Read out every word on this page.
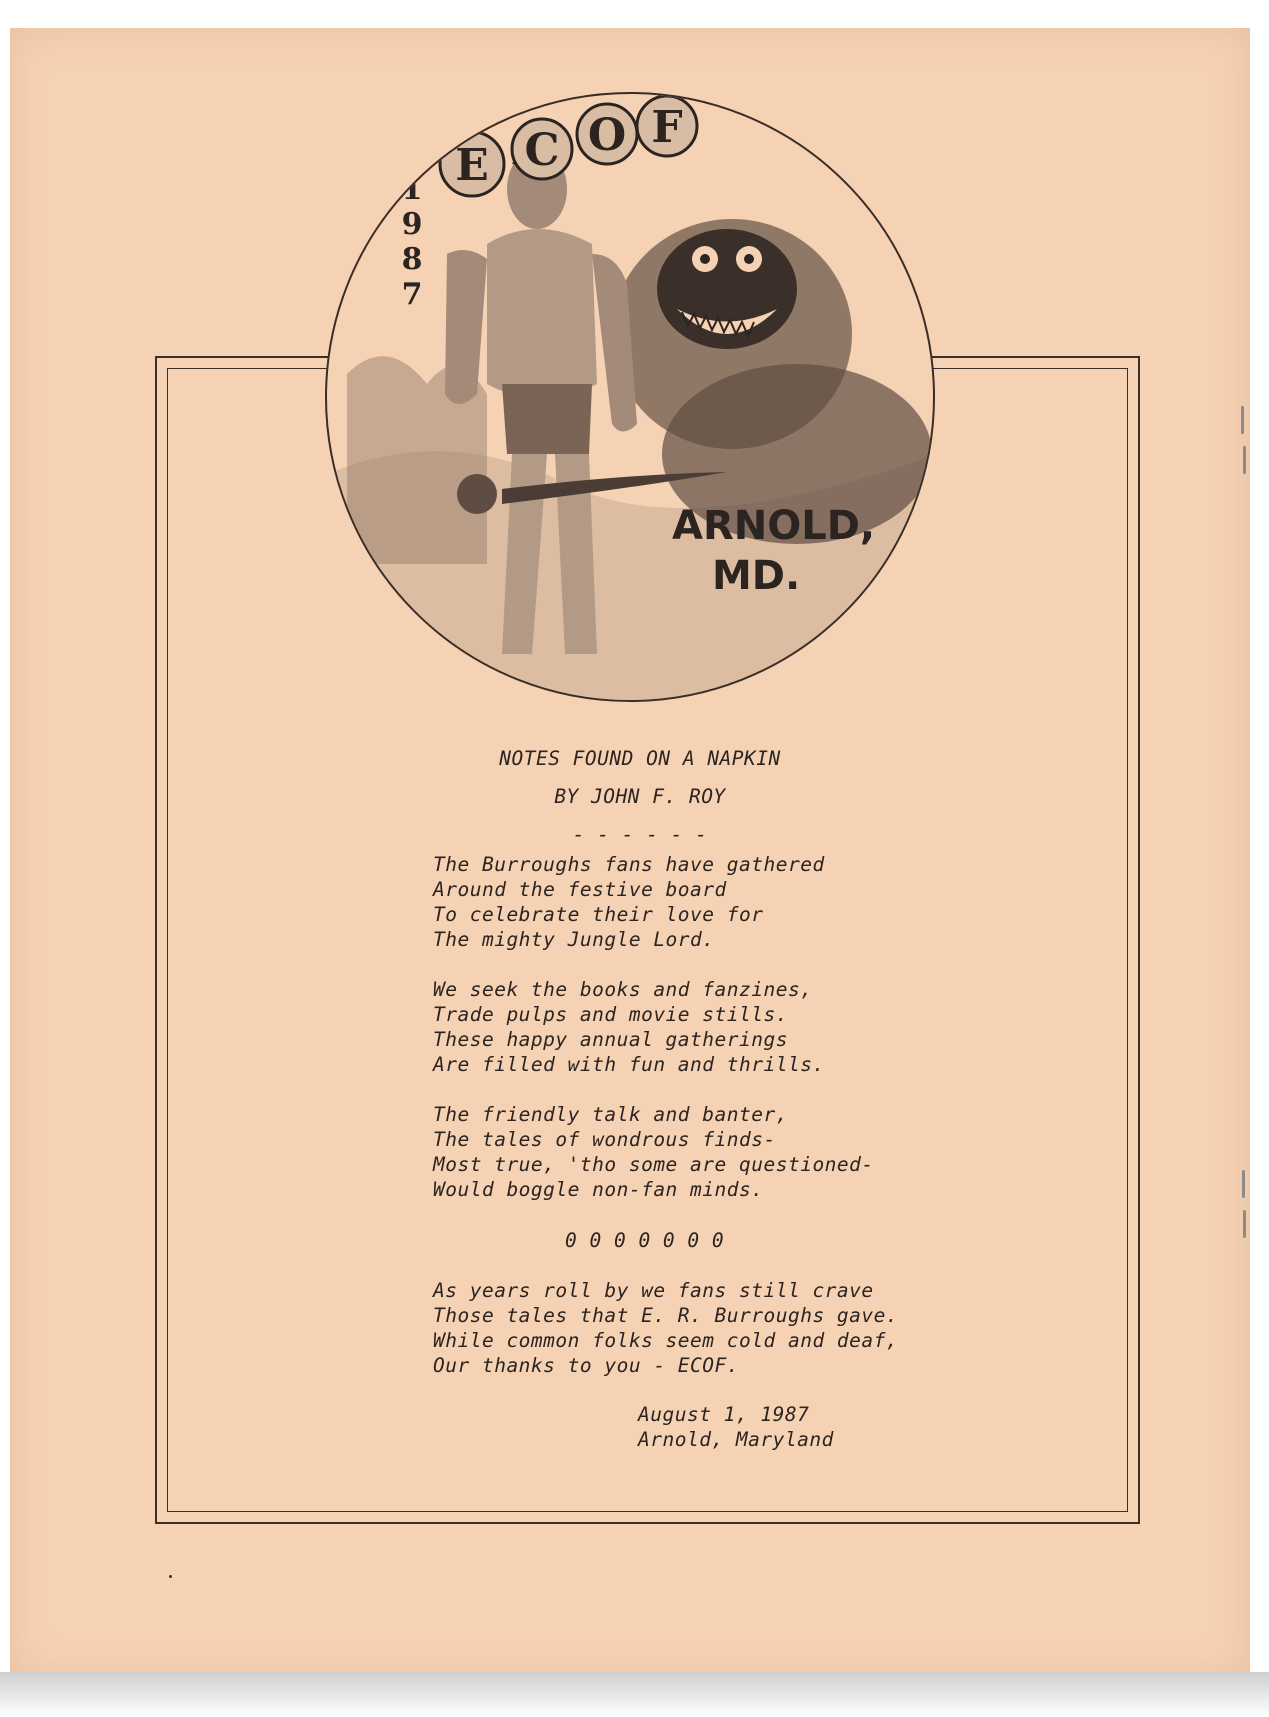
E C O F
1
9
8
7
ARNOLD,
MD.
NOTES FOUND ON A NAPKIN
BY JOHN F. ROY
- - - - - -
The Burroughs fans have gathered
Around the festive board
To celebrate their love for
The mighty Jungle Lord.
We seek the books and fanzines,
Trade pulps and movie stills.
These happy annual gatherings
Are filled with fun and thrills.
The friendly talk and banter,
The tales of wondrous finds-
Most true, 'tho some are questioned-
Would boggle non-fan minds.
0 0 0 0 0 0 0
As years roll by we fans still crave
Those tales that E. R. Burroughs gave.
While common folks seem cold and deaf,
Our thanks to you - ECOF.
August 1, 1987
Arnold, Maryland
